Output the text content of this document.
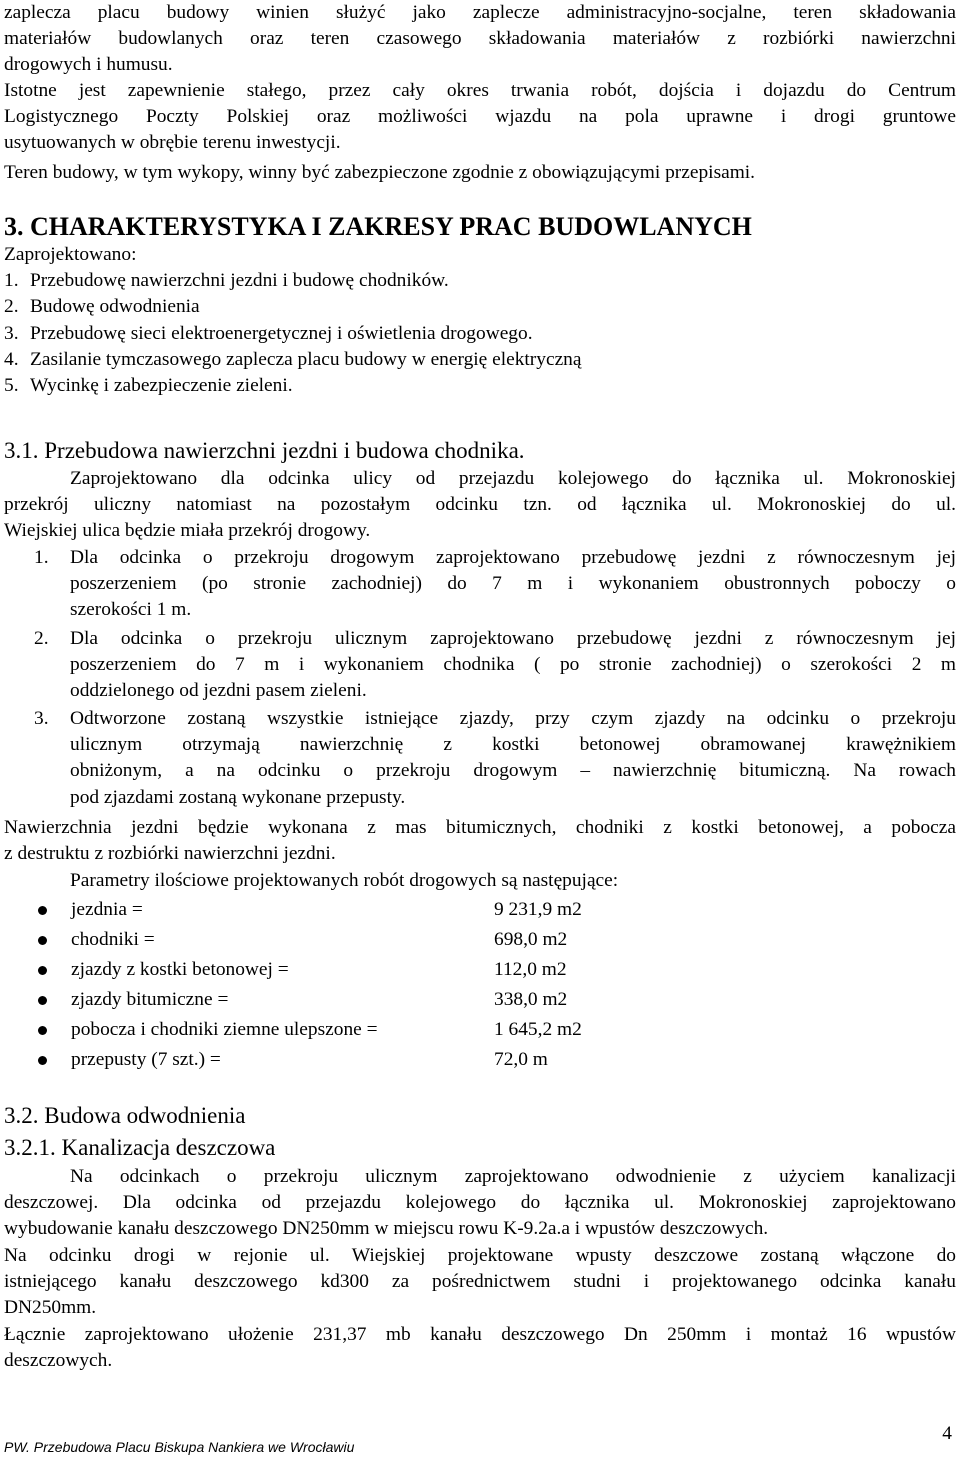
zaplecza placu budowy winien służyć jako zaplecze administracyjno-socjalne, teren składowania
materiałów budowlanych oraz teren czasowego składowania materiałów z rozbiórki nawierzchni
drogowych i humusu.
Istotne jest zapewnienie stałego, przez cały okres trwania robót, dojścia i dojazdu do Centrum
Logistycznego Poczty Polskiej oraz możliwości wjazdu na pola uprawne i drogi gruntowe
usytuowanych w obrębie terenu inwestycji.
Teren budowy, w tym wykopy, winny być zabezpieczone zgodnie z obowiązującymi przepisami.
3. CHARAKTERYSTYKA I ZAKRESY PRAC BUDOWLANYCH
Zaprojektowano:
1. Przebudowę nawierzchni jezdni i budowę chodników.
2. Budowę odwodnienia
3. Przebudowę sieci elektroenergetycznej i oświetlenia drogowego.
4. Zasilanie tymczasowego zaplecza placu budowy w energię elektryczną
5. Wycinkę i zabezpieczenie zieleni.
3.1. Przebudowa nawierzchni jezdni i budowa chodnika.
Zaprojektowano dla odcinka ulicy od przejazdu kolejowego do łącznika ul. Mokronoskiej
przekrój uliczny natomiast na pozostałym odcinku tzn. od łącznika ul. Mokronoskiej do ul.
Wiejskiej ulica będzie miała przekrój drogowy.
1. Dla odcinka o przekroju drogowym zaprojektowano przebudowę jezdni z równoczesnym jej
poszerzeniem (po stronie zachodniej) do 7 m i wykonaniem obustronnych poboczy o
szerokości 1 m.
2. Dla odcinka o przekroju ulicznym zaprojektowano przebudowę jezdni z równoczesnym jej
poszerzeniem do 7 m i wykonaniem chodnika ( po stronie zachodniej) o szerokości 2 m
oddzielonego od jezdni pasem zieleni.
3. Odtworzone zostaną wszystkie istniejące zjazdy, przy czym zjazdy na odcinku o przekroju
ulicznym otrzymają nawierzchnię z kostki betonowej obramowanej krawężnikiem
obniżonym, a na odcinku o przekroju drogowym – nawierzchnię bitumiczną. Na rowach
pod zjazdami zostaną wykonane przepusty.
Nawierzchnia jezdni będzie wykonana z mas bitumicznych, chodniki z kostki betonowej, a pobocza
z destruktu z rozbiórki nawierzchni jezdni.
Parametry ilościowe projektowanych robót drogowych są następujące:
jezdnia =	9 231,9 m2
chodniki =	698,0 m2
zjazdy z kostki betonowej =	112,0 m2
zjazdy bitumiczne =	338,0 m2
pobocza i chodniki ziemne ulepszone =	1 645,2 m2
przepusty (7 szt.) =	72,0 m
3.2. Budowa odwodnienia
3.2.1. Kanalizacja deszczowa
Na odcinkach o przekroju ulicznym zaprojektowano odwodnienie z użyciem kanalizacji
deszczowej. Dla odcinka od przejazdu kolejowego do łącznika ul. Mokronoskiej zaprojektowano
wybudowanie kanału deszczowego DN250mm w miejscu rowu K-9.2a.a i wpustów deszczowych.
Na odcinku drogi w rejonie ul. Wiejskiej projektowane wpusty deszczowe zostaną włączone do
istniejącego kanału deszczowego kd300 za pośrednictwem studni i projektowanego odcinka kanału
DN250mm.
Łącznie zaprojektowano ułożenie 231,37 mb kanału deszczowego Dn 250mm i montaż 16 wpustów
deszczowych.
PW. Przebudowa Placu Biskupa Nankiera we Wrocławiu
4
